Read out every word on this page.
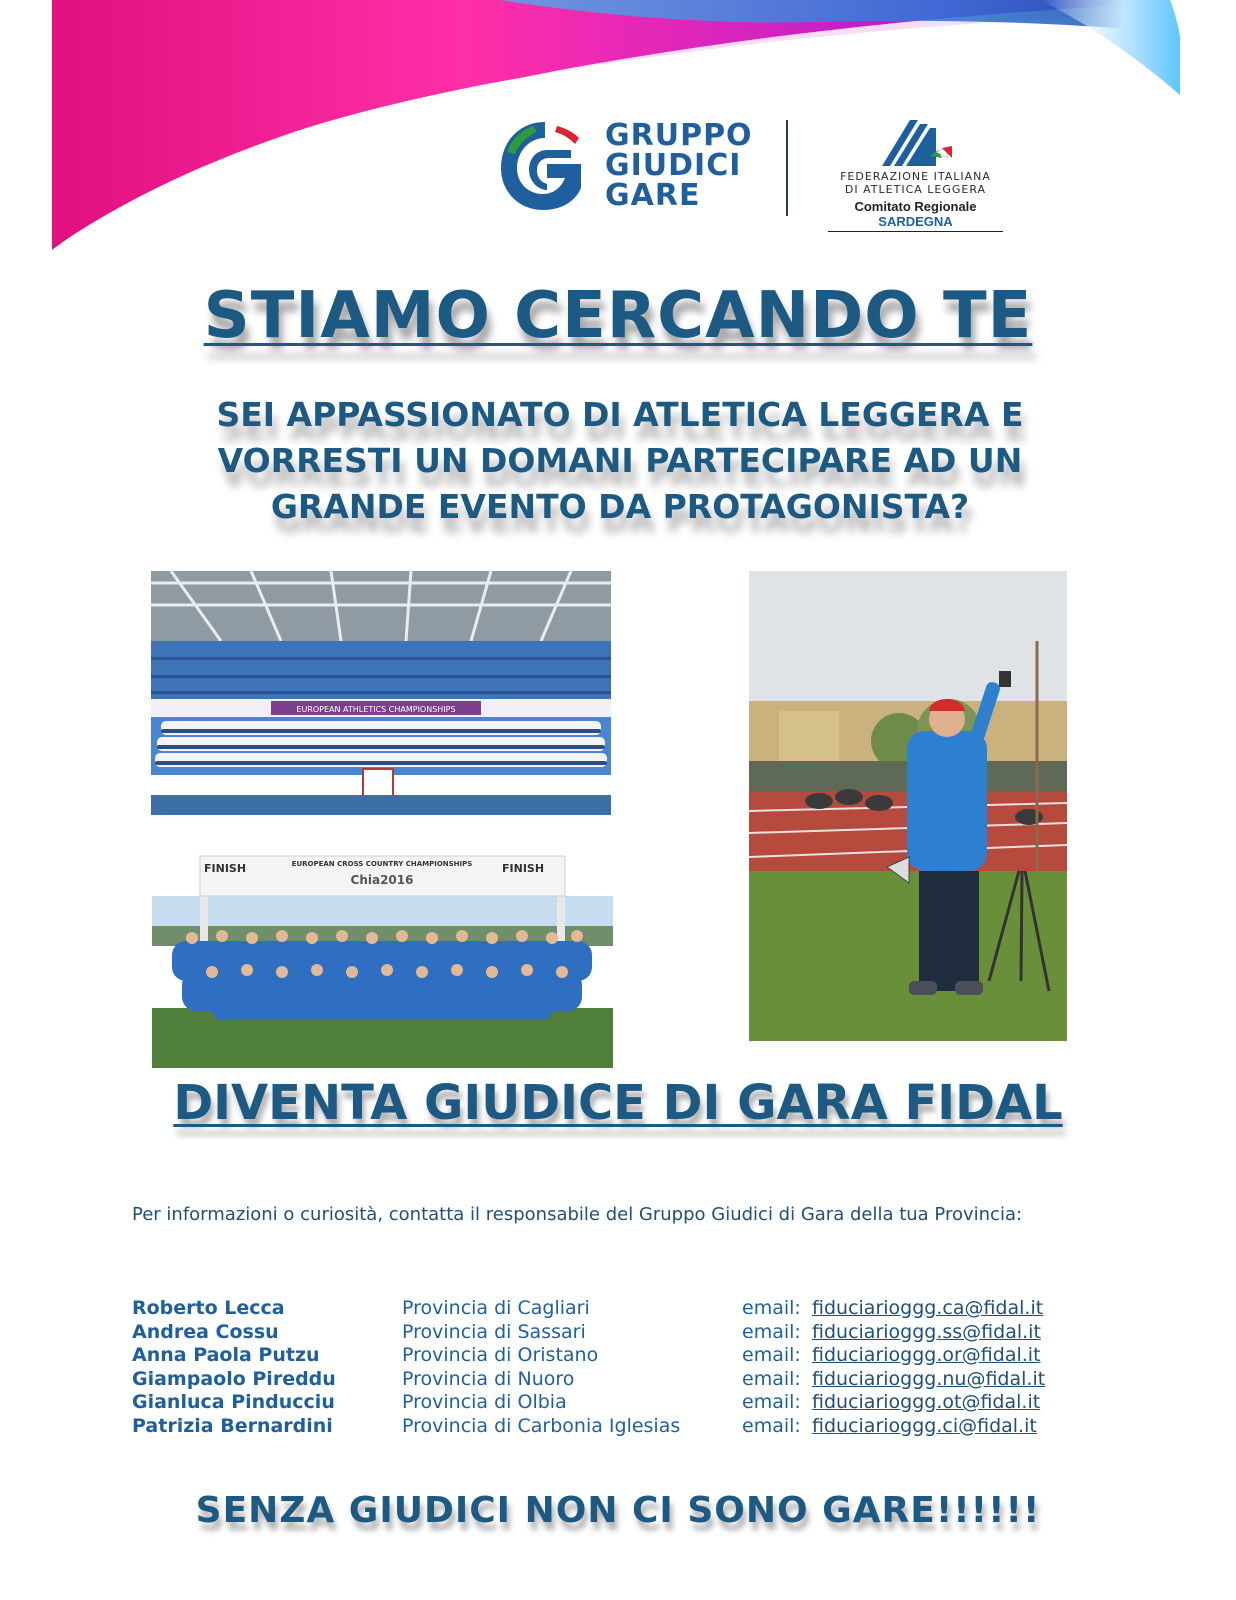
GRUPPO
GIUDICI
GARE
FEDERAZIONE ITALIANA
DI ATLETICA LEGGERA
Comitato Regionale SARDEGNA
STIAMO CERCANDO TE
SEI APPASSIONATO DI ATLETICA LEGGERA E
VORRESTI UN DOMANI PARTECIPARE AD UN
GRANDE EVENTO DA PROTAGONISTA?
EUROPEAN ATHLETICS CHAMPIONSHIPS
FINISH	FINISH
EUROPEAN CROSS COUNTRY CHAMPIONSHIPS
Chia2016
DIVENTA GIUDICE DI GARA FIDAL

Per informazioni o curiosità, contatta il responsabile del Gruppo Giudici di Gara della tua Provincia:

Roberto Lecca	Provincia di Cagliari	email: fiduciarioggg.ca@fidal.it
Andrea Cossu	Provincia di Sassari	email: fiduciarioggg.ss@fidal.it
Anna Paola Putzu	Provincia di Oristano	email: fiduciarioggg.or@fidal.it
Giampaolo Pireddu	Provincia di Nuoro	email: fiduciarioggg.nu@fidal.it
Gianluca Pinducciu	Provincia di Olbia	email: fiduciarioggg.ot@fidal.it
Patrizia Bernardini	Provincia di Carbonia Iglesias	email: fiduciarioggg.ci@fidal.it
SENZA GIUDICI NON CI SONO GARE!!!!!!
